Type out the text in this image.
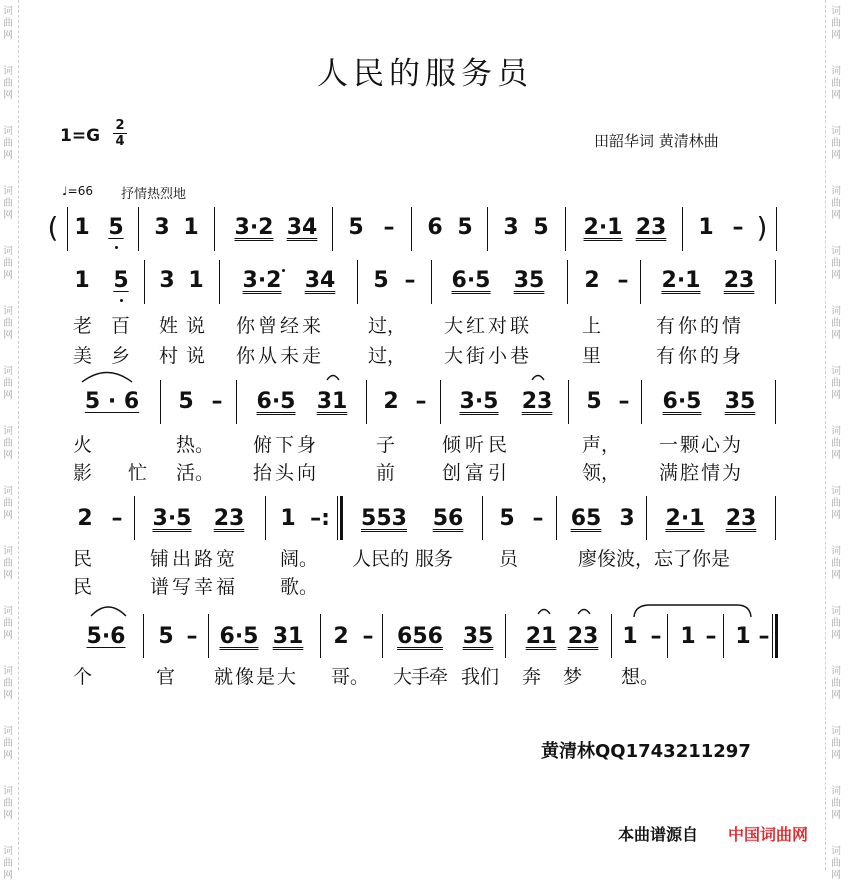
词
曲
网
词
曲
网
词
曲
网
词
曲
网
词
曲
网
词
曲
网
词
曲
网
词
曲
网
词
曲
网
词
曲
网
词
曲
网
词
曲
网
词
曲
网
词
曲
网
词
曲
网
词
曲
网
词
曲
网
词
曲
网
词
曲
网
词
曲
网
词
曲
网
词
曲
网
词
曲
网
词
曲
网
词
曲
网
词
曲
网
词
曲
网
词
曲
网
词
曲
网
词
曲
网
人民的服务员
1=G
2
4	田韶华词 黄清林曲
♩=66 抒情热烈地
( 1 5 3 1 3·2 34 5 – 6 5 3 5 2·1 23 1 – )
1 5 3 1 3·2 34 5 – 6·5 35 2 – 2·1 23
老 百 姓说 你曾经来 过， 大红对联	上	有你的情
美 乡 村说 你从未走 过， 大街小巷	里	有你的身
5 · 6 5 – 6·5 31 2 – 3·5 23 5 – 6·5 35
火	热。 俯下身	子 倾听民	声， 一颗心为
影 忙 活。 抬头向	前 创富引	领， 满腔情为
2 – 3·5 23 1 –: 553 56 5 – 65 3 2·1 23
民	铺出路宽 阔。 人民的 服务 员	廖俊波，忘了你是
民	谱写幸福 歌。
5·6 5 – 6·5 31 2 – 656 35 21 23 1 – 1 – 1 –
个	官 就像是大 哥。 大手牵 我们 奔 梦 想。
黄清林QQ1743211297
本曲谱源自 中国词曲网
